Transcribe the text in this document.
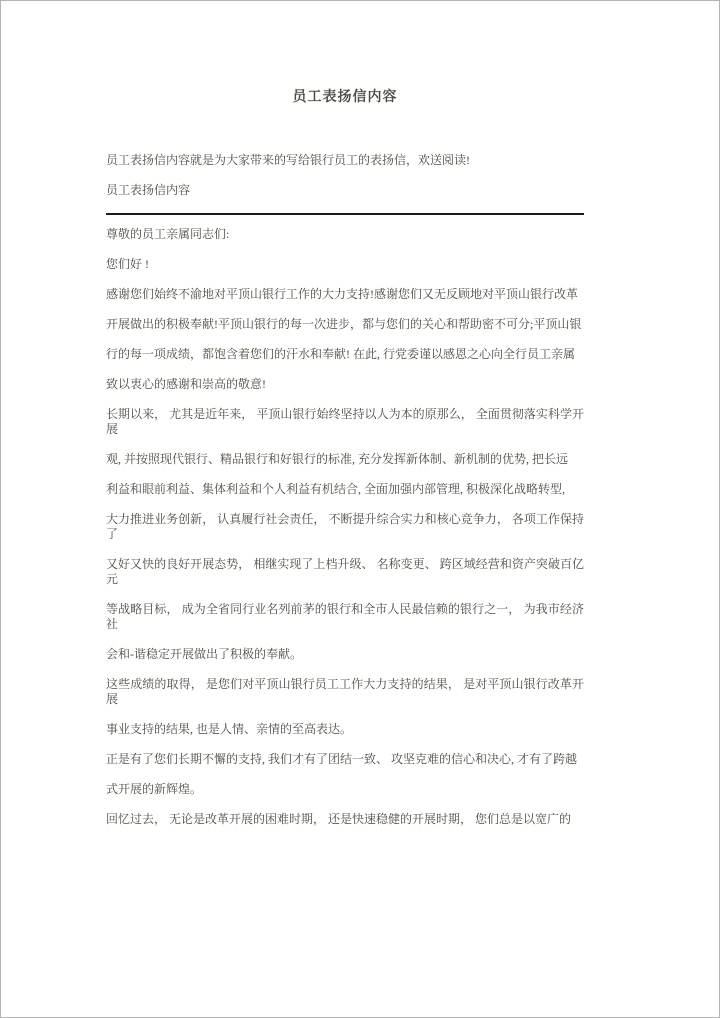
员工表扬信内容

员工表扬信内容就是为大家带来的写给银行员工的表扬信，欢送阅读!

员工表扬信内容

尊敬的员工亲属同志们:

您们好 !

感谢您们始终不渝地对平顶山银行工作的大力支持!感谢您们又无反顾地对平顶山银行改革

开展做出的积极奉献!平顶山银行的每一次进步，都与您们的关心和帮助密不可分;平顶山银

行的每一项成绩，都饱含着您们的汗水和奉献! 在此, 行党委谨以感恩之心向全行员工亲属

致以衷心的感谢和崇高的敬意!

长期以来， 尤其是近年来， 平顶山银行始终坚持以人为本的原那么， 全面贯彻落实科学开展

观, 并按照现代银行、精品银行和好银行的标准, 充分发挥新体制、新机制的优势, 把长远

利益和眼前利益、集体利益和个人利益有机结合, 全面加强内部管理, 积极深化战略转型,

大力推进业务创新， 认真履行社会责任， 不断提升综合实力和核心竞争力， 各项工作保持了

又好又快的良好开展态势， 相继实现了上档升级、 名称变更、 跨区域经营和资产突破百亿元

等战略目标， 成为全省同行业名列前茅的银行和全市人民最信赖的银行之一， 为我市经济社

会和-谐稳定开展做出了积极的奉献。

这些成绩的取得， 是您们对平顶山银行员工工作大力支持的结果， 是对平顶山银行改革开展

事业支持的结果, 也是人情、亲情的至高表达。

正是有了您们长期不懈的支持, 我们才有了团结一致、 攻坚克难的信心和决心, 才有了跨越

式开展的新辉煌。

回忆过去， 无论是改革开展的困难时期， 还是快速稳健的开展时期， 您们总是以宽广的
